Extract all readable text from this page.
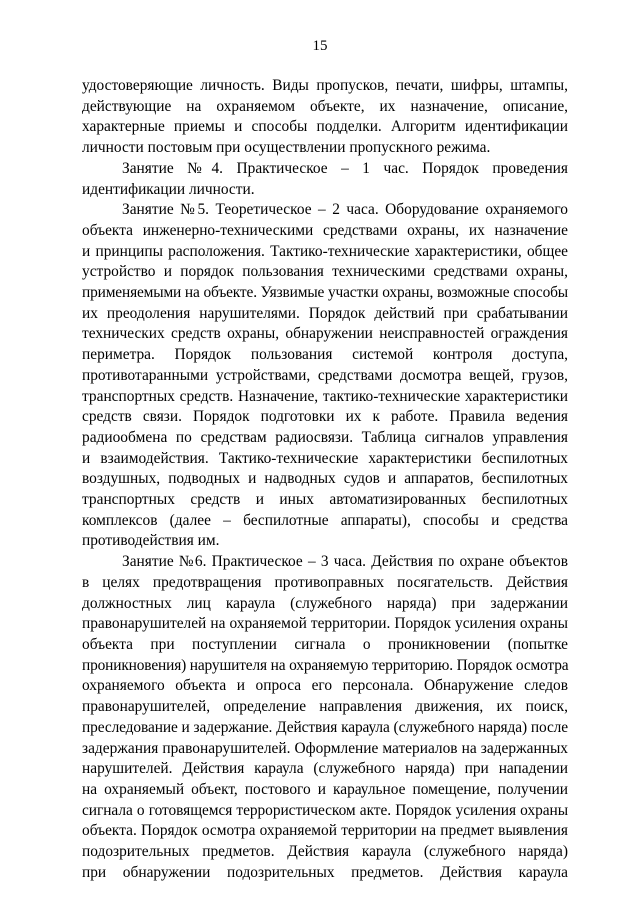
15

удостоверяющие личность. Виды пропусков, печати, шифры, штампы,

действующие на охраняемом объекте, их назначение, описание,

характерные приемы и способы подделки. Алгоритм идентификации

личности постовым при осуществлении пропускного режима.

Занятие №4. Практическое – 1 час. Порядок проведения

идентификации личности.

Занятие №5. Теоретическое – 2 часа. Оборудование охраняемого

объекта инженерно-техническими средствами охраны, их назначение

и принципы расположения. Тактико-технические характеристики, общее

устройство и порядок пользования техническими средствами охраны,

применяемыми на объекте. Уязвимые участки охраны, возможные способы

их преодоления нарушителями. Порядок действий при срабатывании

технических средств охраны, обнаружении неисправностей ограждения

периметра. Порядок пользования системой контроля доступа,

противотаранными устройствами, средствами досмотра вещей, грузов,

транспортных средств. Назначение, тактико-технические характеристики

средств связи. Порядок подготовки их к работе. Правила ведения

радиообмена по средствам радиосвязи. Таблица сигналов управления

и взаимодействия. Тактико-технические характеристики беспилотных

воздушных, подводных и надводных судов и аппаратов, беспилотных

транспортных средств и иных автоматизированных беспилотных

комплексов (далее – беспилотные аппараты), способы и средства

противодействия им.

Занятие №6. Практическое – 3 часа. Действия по охране объектов

в целях предотвращения противоправных посягательств. Действия

должностных лиц караула (служебного наряда) при задержании

правонарушителей на охраняемой территории. Порядок усиления охраны

объекта при поступлении сигнала о проникновении (попытке

проникновения) нарушителя на охраняемую территорию. Порядок осмотра

охраняемого объекта и опроса его персонала. Обнаружение следов

правонарушителей, определение направления движения, их поиск,

преследование и задержание. Действия караула (служебного наряда) после

задержания правонарушителей. Оформление материалов на задержанных

нарушителей. Действия караула (служебного наряда) при нападении

на охраняемый объект, постового и караульное помещение, получении

сигнала о готовящемся террористическом акте. Порядок усиления охраны

объекта. Порядок осмотра охраняемой территории на предмет выявления

подозрительных предметов. Действия караула (служебного наряда)

при обнаружении подозрительных предметов. Действия караула
